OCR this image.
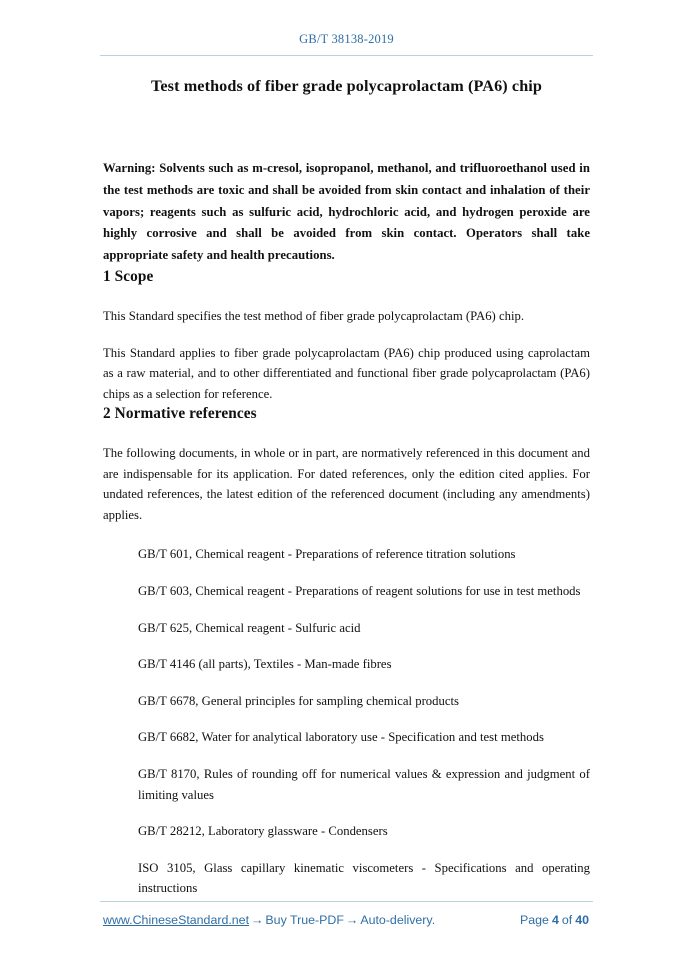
GB/T 38138-2019
Test methods of fiber grade polycaprolactam (PA6) chip

Warning: Solvents such as m-cresol, isopropanol, methanol, and trifluoroethanol used in the test methods are toxic and shall be avoided from skin contact and inhalation of their vapors; reagents such as sulfuric acid, hydrochloric acid, and hydrogen peroxide are highly corrosive and shall be avoided from skin contact. Operators shall take appropriate safety and health precautions.

1 Scope

This Standard specifies the test method of fiber grade polycaprolactam (PA6) chip.

This Standard applies to fiber grade polycaprolactam (PA6) chip produced using caprolactam as a raw material, and to other differentiated and functional fiber grade polycaprolactam (PA6) chips as a selection for reference.

2 Normative references

The following documents, in whole or in part, are normatively referenced in this document and are indispensable for its application. For dated references, only the edition cited applies. For undated references, the latest edition of the referenced document (including any amendments) applies.

GB/T 601, Chemical reagent - Preparations of reference titration solutions
GB/T 603, Chemical reagent - Preparations of reagent solutions for use in test methods
GB/T 625, Chemical reagent - Sulfuric acid
GB/T 4146 (all parts), Textiles - Man-made fibres
GB/T 6678, General principles for sampling chemical products
GB/T 6682, Water for analytical laboratory use - Specification and test methods
GB/T 8170, Rules of rounding off for numerical values & expression and judgment of limiting values
GB/T 28212, Laboratory glassware - Condensers
ISO 3105, Glass capillary kinematic viscometers - Specifications and operating instructions
www.ChineseStandard.net → Buy True-PDF → Auto-delivery.	Page 4 of 40
